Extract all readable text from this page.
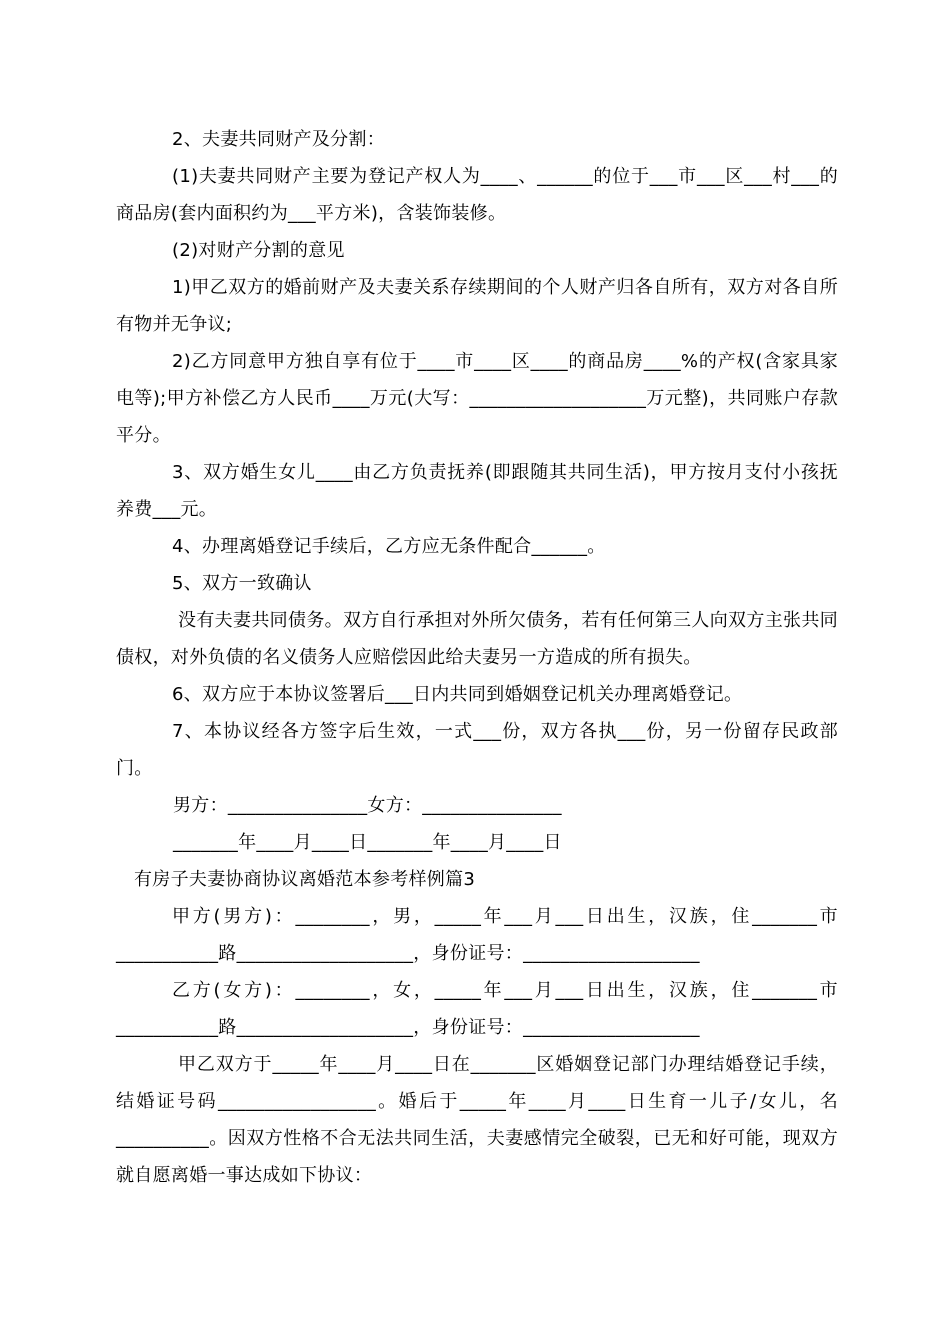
2、夫妻共同财产及分割：

(1)夫妻共同财产主要为登记产权人为____、______的位于___市___区___村___的商品房(套内面积约为___平方米)，含装饰装修。

(2)对财产分割的意见

1)甲乙双方的婚前财产及夫妻关系存续期间的个人财产归各自所有，双方对各自所有物并无争议;

2)乙方同意甲方独自享有位于____市____区____的商品房____%的产权(含家具家电等);甲方补偿乙方人民币____万元(大写：___________________万元整)，共同账户存款平分。

3、双方婚生女儿____由乙方负责抚养(即跟随其共同生活)，甲方按月支付小孩抚养费___元。

4、办理离婚登记手续后，乙方应无条件配合______。

5、双方一致确认

没有夫妻共同债务。双方自行承担对外所欠债务，若有任何第三人向双方主张共同债权，对外负债的名义债务人应赔偿因此给夫妻另一方造成的所有损失。

6、双方应于本协议签署后___日内共同到婚姻登记机关办理离婚登记。

7、本协议经各方签字后生效，一式___份，双方各执___份，另一份留存民政部门。

男方：_______________女方：_______________

_______年____月____日_______年____月____日

有房子夫妻协商协议离婚范本参考样例篇3

甲方(男方)：________，男，_____年___月___日出生，汉族，住_______市___________路___________________，身份证号：___________________

乙方(女方)：________，女，_____年___月___日出生，汉族，住_______市___________路___________________，身份证号：___________________

甲乙双方于_____年____月____日在_______区婚姻登记部门办理结婚登记手续，结婚证号码_________________。婚后于_____年____月____日生育一儿子/女儿，名__________。因双方性格不合无法共同生活，夫妻感情完全破裂，已无和好可能，现双方就自愿离婚一事达成如下协议：
